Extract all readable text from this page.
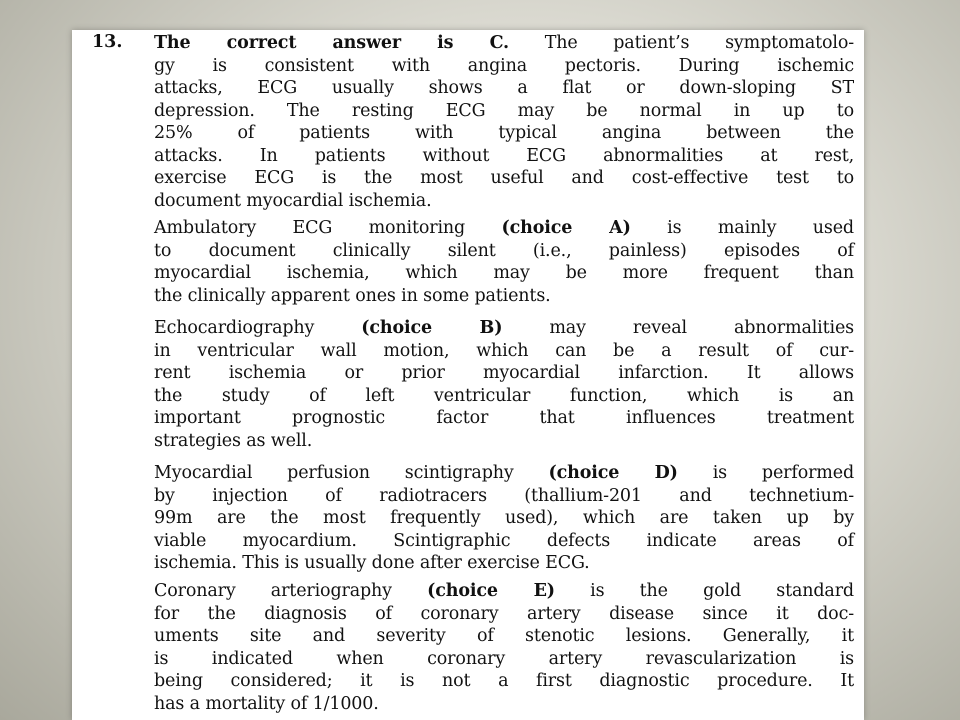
13. The correct answer is C. The patient’s symptomatolo-
gy is consistent with angina pectoris. During ischemic
attacks, ECG usually shows a flat or down-sloping ST
depression. The resting ECG may be normal in up to
25% of patients with typical angina between the
attacks. In patients without ECG abnormalities at rest,
exercise ECG is the most useful and cost-effective test to
document myocardial ischemia.
Ambulatory ECG monitoring (choice A) is mainly used
to document clinically silent (i.e., painless) episodes of
myocardial ischemia, which may be more frequent than
the clinically apparent ones in some patients.
Echocardiography (choice B) may reveal abnormalities
in ventricular wall motion, which can be a result of cur-
rent ischemia or prior myocardial infarction. It allows
the study of left ventricular function, which is an
important prognostic factor that influences treatment
strategies as well.
Myocardial perfusion scintigraphy (choice D) is performed
by injection of radiotracers (thallium-201 and technetium-
99m are the most frequently used), which are taken up by
viable myocardium. Scintigraphic defects indicate areas of
ischemia. This is usually done after exercise ECG.
Coronary arteriography (choice E) is the gold standard
for the diagnosis of coronary artery disease since it doc-
uments site and severity of stenotic lesions. Generally, it
is indicated when coronary artery revascularization is
being considered; it is not a first diagnostic procedure. It
has a mortality of 1/1000.
